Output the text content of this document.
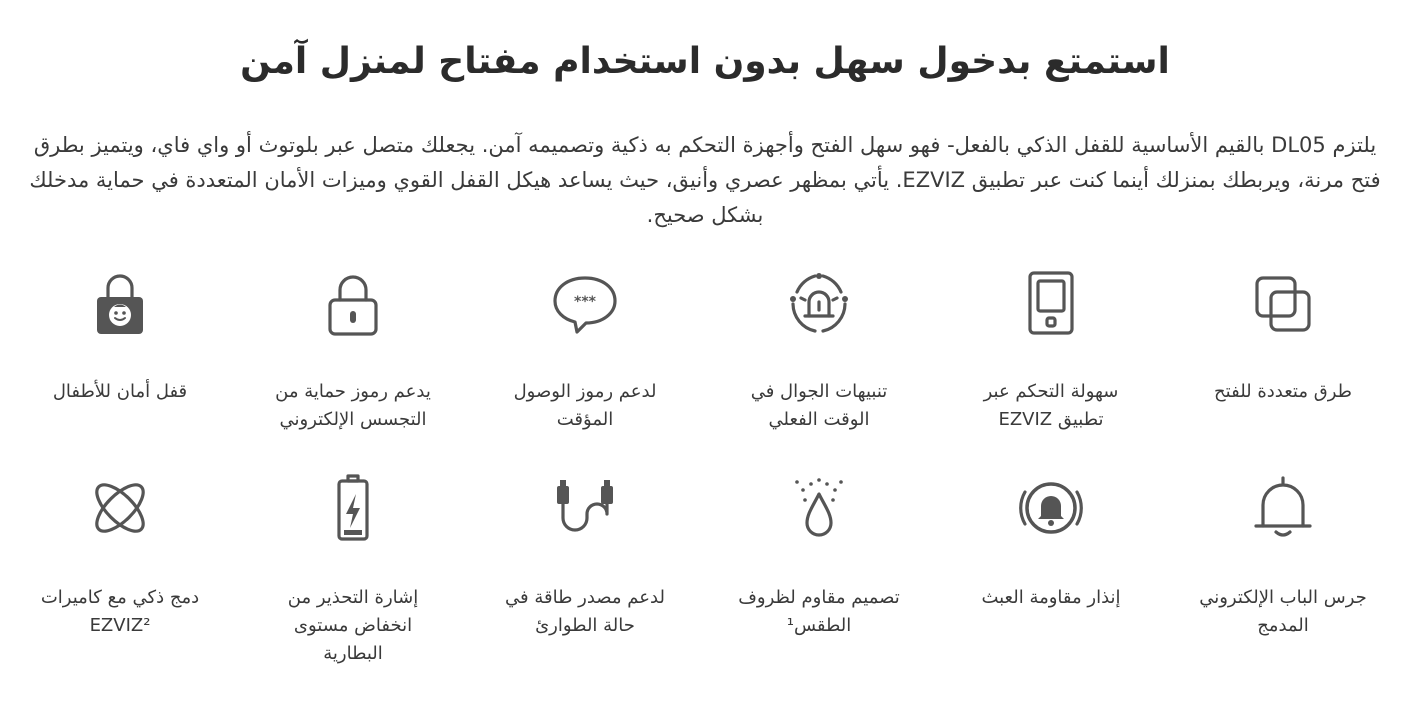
استمتع بدخول سهل بدون استخدام مفتاح لمنزل آمن

يلتزم DL05 بالقيم الأساسية للقفل الذكي بالفعل- فهو سهل الفتح وأجهزة التحكم به ذكية وتصميمه آمن. يجعلك متصل عبر بلوتوث أو واي فاي، ويتميز بطرق فتح مرنة، ويربطك بمنزلك أينما كنت عبر تطبيق EZVIZ. يأتي بمظهر عصري وأنيق، حيث يساعد هيكل القفل القوي وميزات الأمان المتعددة في حماية مدخلك بشكل صحيح.

طرق متعددة للفتح
سهولة التحكم عبر
تطبيق EZVIZ
تنبيهات الجوال في
الوقت الفعلي
***
لدعم رموز الوصول
المؤقت
يدعم رموز حماية من
التجسس الإلكتروني
قفل أمان للأطفال
جرس الباب الإلكتروني
المدمج
إنذار مقاومة العبث
تصميم مقاوم لظروف
الطقس¹
لدعم مصدر طاقة في
حالة الطوارئ
إشارة التحذير من
انخفاض مستوى
البطارية
دمج ذكي مع كاميرات
EZVIZ²
